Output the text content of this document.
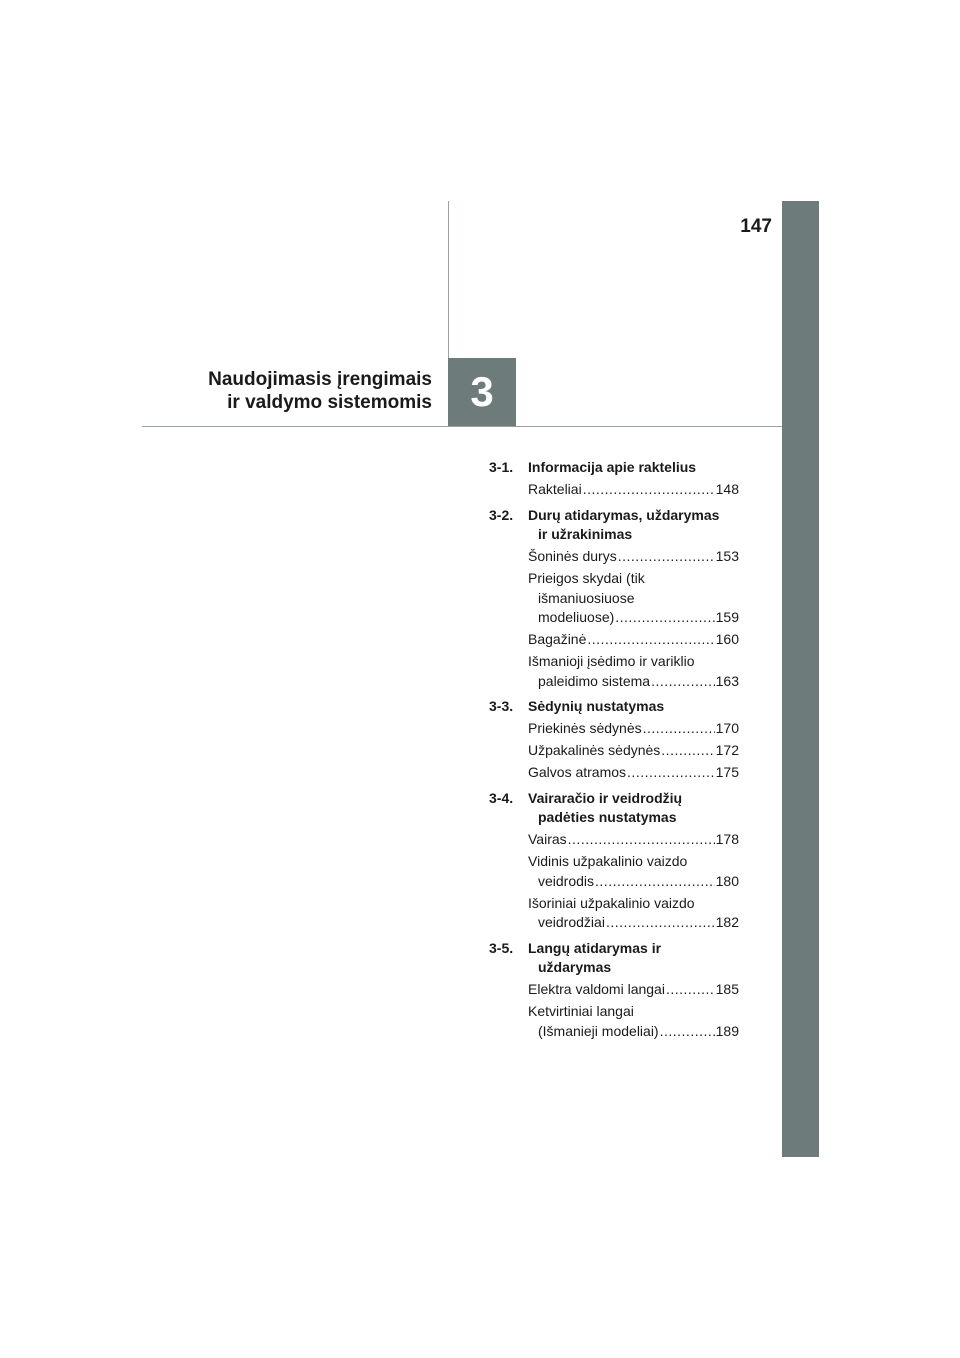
147
3
Naudojimasis įrengimais
ir valdymo sistemomis
3-1.	Informacija apie raktelius
Rakteliai .....	148
3-2.	Durų atidarymas, uždarymas
ir užrakinimas
Šoninės durys .....	153
Prieigos skydai (tik
išmaniuosiuose
modeliuose) .....	159
Bagažinė .....	160
Išmanioji įsėdimo ir variklio
paleidimo sistema .....	163
3-3.	Sėdynių nustatymas
Priekinės sėdynės .....	170
Užpakalinės sėdynės .....	172
Galvos atramos .....	175
3-4.	Vairaračio ir veidrodžių
padėties nustatymas
Vairas .....	178
Vidinis užpakalinio vaizdo
veidrodis .....	180
Išoriniai užpakalinio vaizdo
veidrodžiai .....	182
3-5.	Langų atidarymas ir
uždarymas
Elektra valdomi langai .....	185
Ketvirtiniai langai
(Išmanieji modeliai) .....	189
